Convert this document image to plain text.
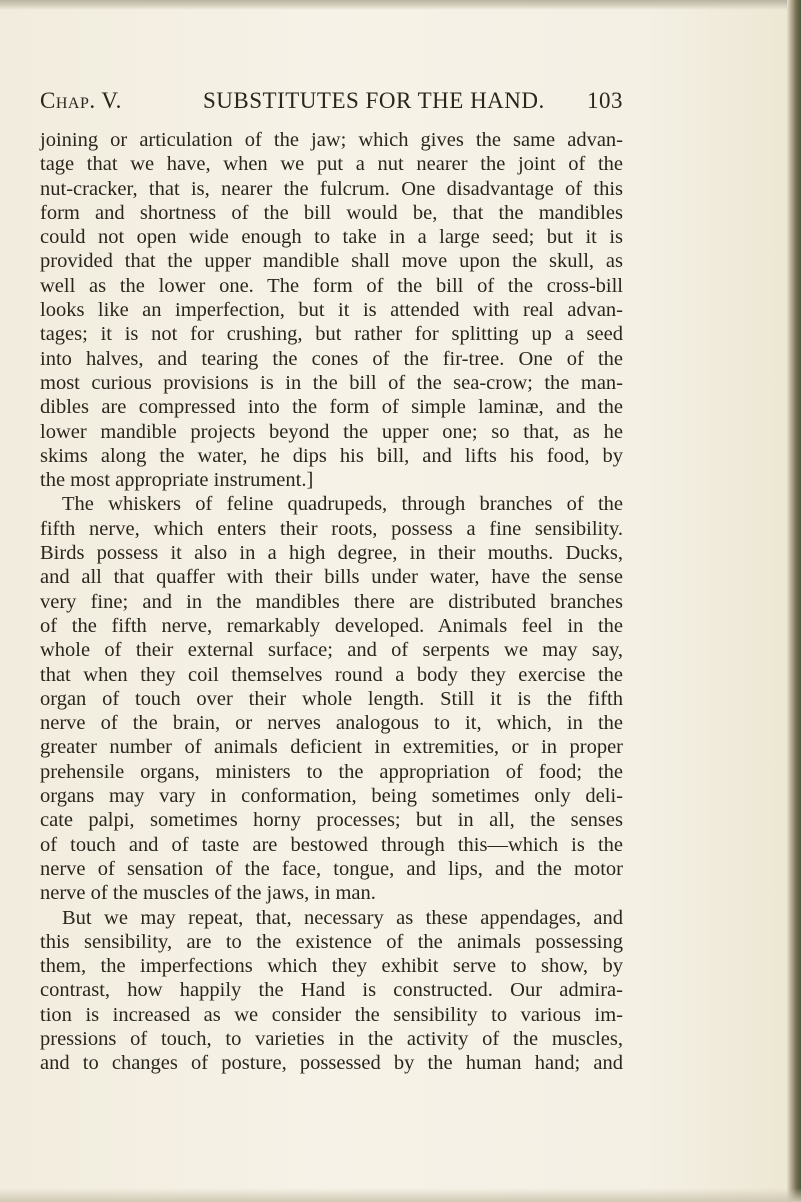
Chap. V.	SUBSTITUTES FOR THE HAND. 103

joining or articulation of the jaw; which gives the same advan-

tage that we have, when we put a nut nearer the joint of the

nut-cracker, that is, nearer the fulcrum. One disadvantage of this

form and shortness of the bill would be, that the mandibles

could not open wide enough to take in a large seed; but it is

provided that the upper mandible shall move upon the skull, as

well as the lower one. The form of the bill of the cross-bill

looks like an imperfection, but it is attended with real advan-

tages; it is not for crushing, but rather for splitting up a seed

into halves, and tearing the cones of the fir-tree. One of the

most curious provisions is in the bill of the sea-crow; the man-

dibles are compressed into the form of simple laminæ, and the

lower mandible projects beyond the upper one; so that, as he

skims along the water, he dips his bill, and lifts his food, by

the most appropriate instrument.]

The whiskers of feline quadrupeds, through branches of the

fifth nerve, which enters their roots, possess a fine sensibility.

Birds possess it also in a high degree, in their mouths. Ducks,

and all that quaffer with their bills under water, have the sense

very fine; and in the mandibles there are distributed branches

of the fifth nerve, remarkably developed. Animals feel in the

whole of their external surface; and of serpents we may say,

that when they coil themselves round a body they exercise the

organ of touch over their whole length. Still it is the fifth

nerve of the brain, or nerves analogous to it, which, in the

greater number of animals deficient in extremities, or in proper

prehensile organs, ministers to the appropriation of food; the

organs may vary in conformation, being sometimes only deli-

cate palpi, sometimes horny processes; but in all, the senses

of touch and of taste are bestowed through this—which is the

nerve of sensation of the face, tongue, and lips, and the motor

nerve of the muscles of the jaws, in man.

But we may repeat, that, necessary as these appendages, and

this sensibility, are to the existence of the animals possessing

them, the imperfections which they exhibit serve to show, by

contrast, how happily the Hand is constructed. Our admira-

tion is increased as we consider the sensibility to various im-

pressions of touch, to varieties in the activity of the muscles,

and to changes of posture, possessed by the human hand; and
